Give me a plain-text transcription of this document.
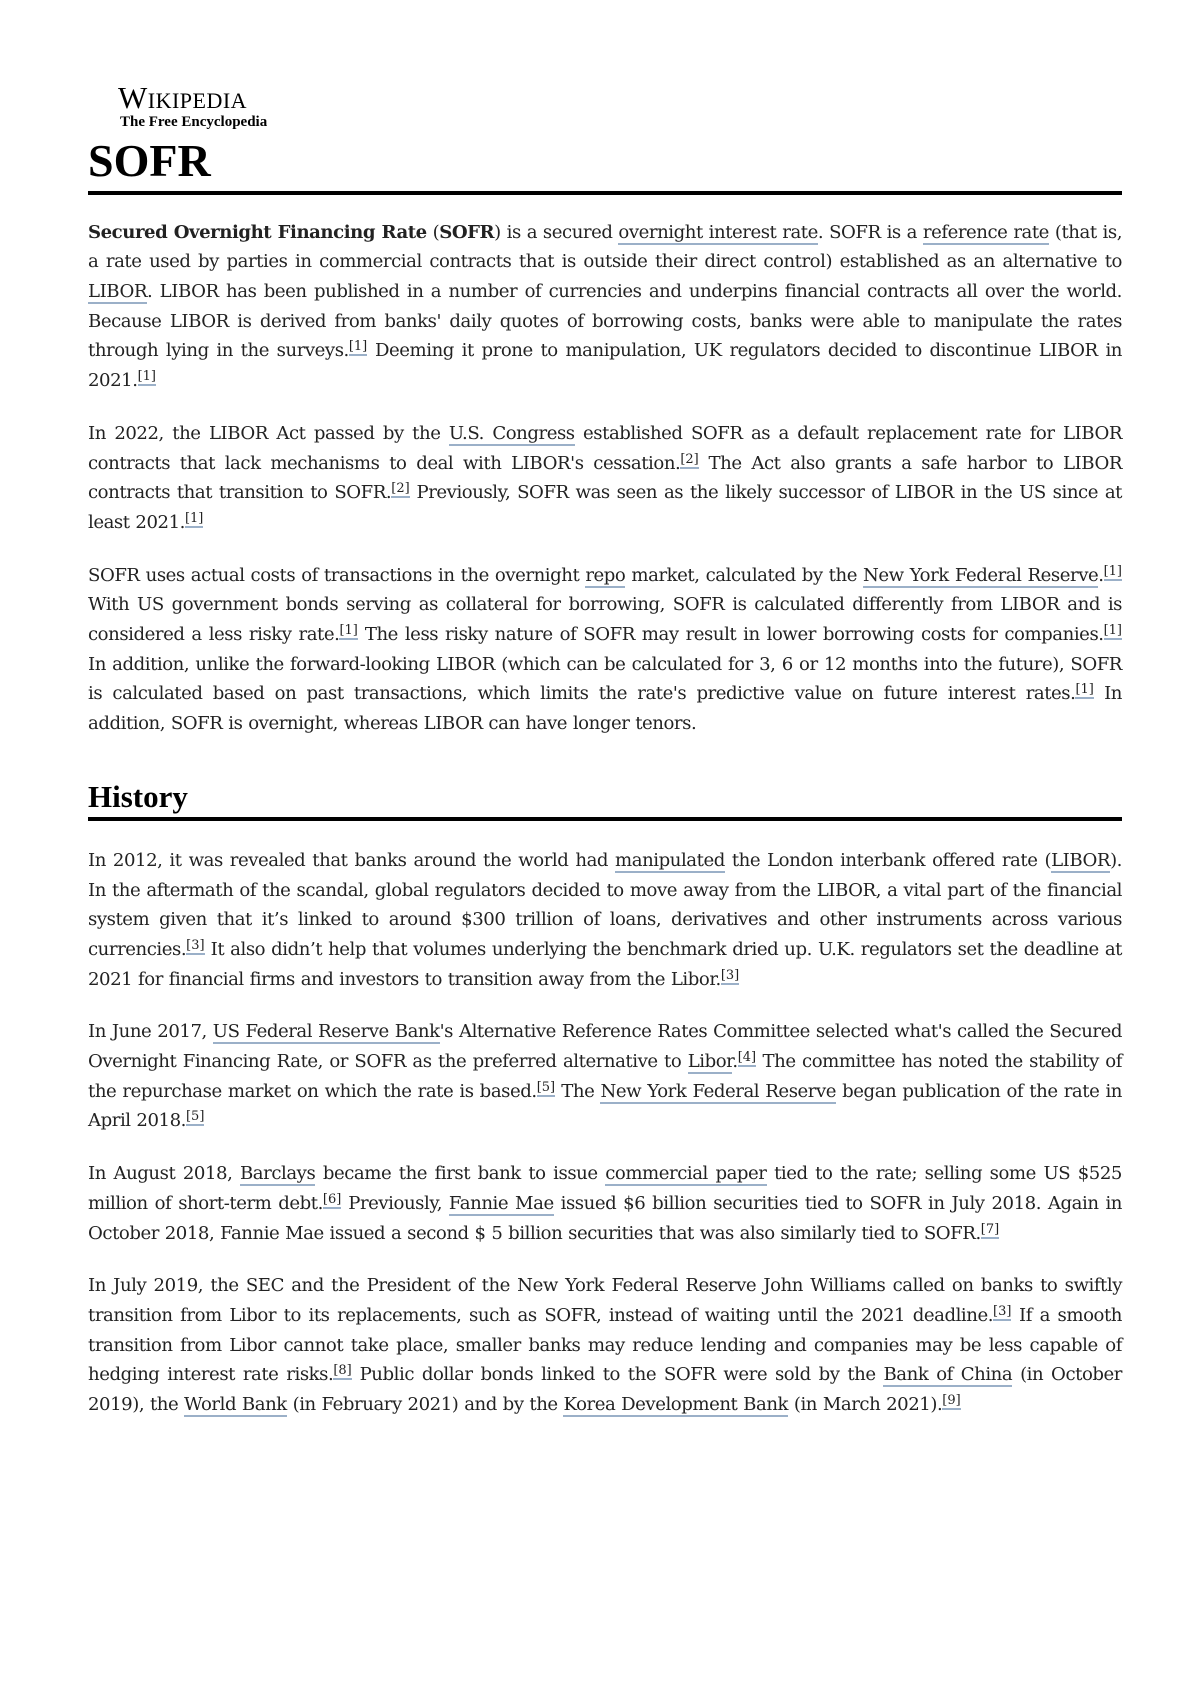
Wikipedia
The Free Encyclopedia
SOFR

Secured Overnight Financing Rate (SOFR) is a secured overnight interest rate. SOFR is a reference rate (that is, a rate used by parties in commercial contracts that is outside their direct control) established as an alternative to LIBOR. LIBOR has been published in a number of currencies and underpins financial contracts all over the world. Because LIBOR is derived from banks' daily quotes of borrowing costs, banks were able to manipulate the rates through lying in the surveys.[1] Deeming it prone to manipulation, UK regulators decided to discontinue LIBOR in 2021.[1]

In 2022, the LIBOR Act passed by the U.S. Congress established SOFR as a default replacement rate for LIBOR contracts that lack mechanisms to deal with LIBOR's cessation.[2] The Act also grants a safe harbor to LIBOR contracts that transition to SOFR.[2] Previously, SOFR was seen as the likely successor of LIBOR in the US since at least 2021.[1]

SOFR uses actual costs of transactions in the overnight repo market, calculated by the New York Federal Reserve.[1] With US government bonds serving as collateral for borrowing, SOFR is calculated differently from LIBOR and is considered a less risky rate.[1] The less risky nature of SOFR may result in lower borrowing costs for companies.[1] In addition, unlike the forward-looking LIBOR (which can be calculated for 3, 6 or 12 months into the future), SOFR is calculated based on past transactions, which limits the rate's predictive value on future interest rates.[1] In addition, SOFR is overnight, whereas LIBOR can have longer tenors.

History

In 2012, it was revealed that banks around the world had manipulated the London interbank offered rate (LIBOR). In the aftermath of the scandal, global regulators decided to move away from the LIBOR, a vital part of the financial system given that it’s linked to around $300 trillion of loans, derivatives and other instruments across various currencies.[3] It also didn’t help that volumes underlying the benchmark dried up. U.K. regulators set the deadline at 2021 for financial firms and investors to transition away from the Libor.[3]

In June 2017, US Federal Reserve Bank's Alternative Reference Rates Committee selected what's called the Secured Overnight Financing Rate, or SOFR as the preferred alternative to Libor.[4] The committee has noted the stability of the repurchase market on which the rate is based.[5] The New York Federal Reserve began publication of the rate in April 2018.[5]

In August 2018, Barclays became the first bank to issue commercial paper tied to the rate; selling some US $525 million of short-term debt.[6] Previously, Fannie Mae issued $6 billion securities tied to SOFR in July 2018. Again in October 2018, Fannie Mae issued a second $ 5 billion securities that was also similarly tied to SOFR.[7]

In July 2019, the SEC and the President of the New York Federal Reserve John Williams called on banks to swiftly transition from Libor to its replacements, such as SOFR, instead of waiting until the 2021 deadline.[3] If a smooth transition from Libor cannot take place, smaller banks may reduce lending and companies may be less capable of hedging interest rate risks.[8] Public dollar bonds linked to the SOFR were sold by the Bank of China (in October 2019), the World Bank (in February 2021) and by the Korea Development Bank (in March 2021).[9]
